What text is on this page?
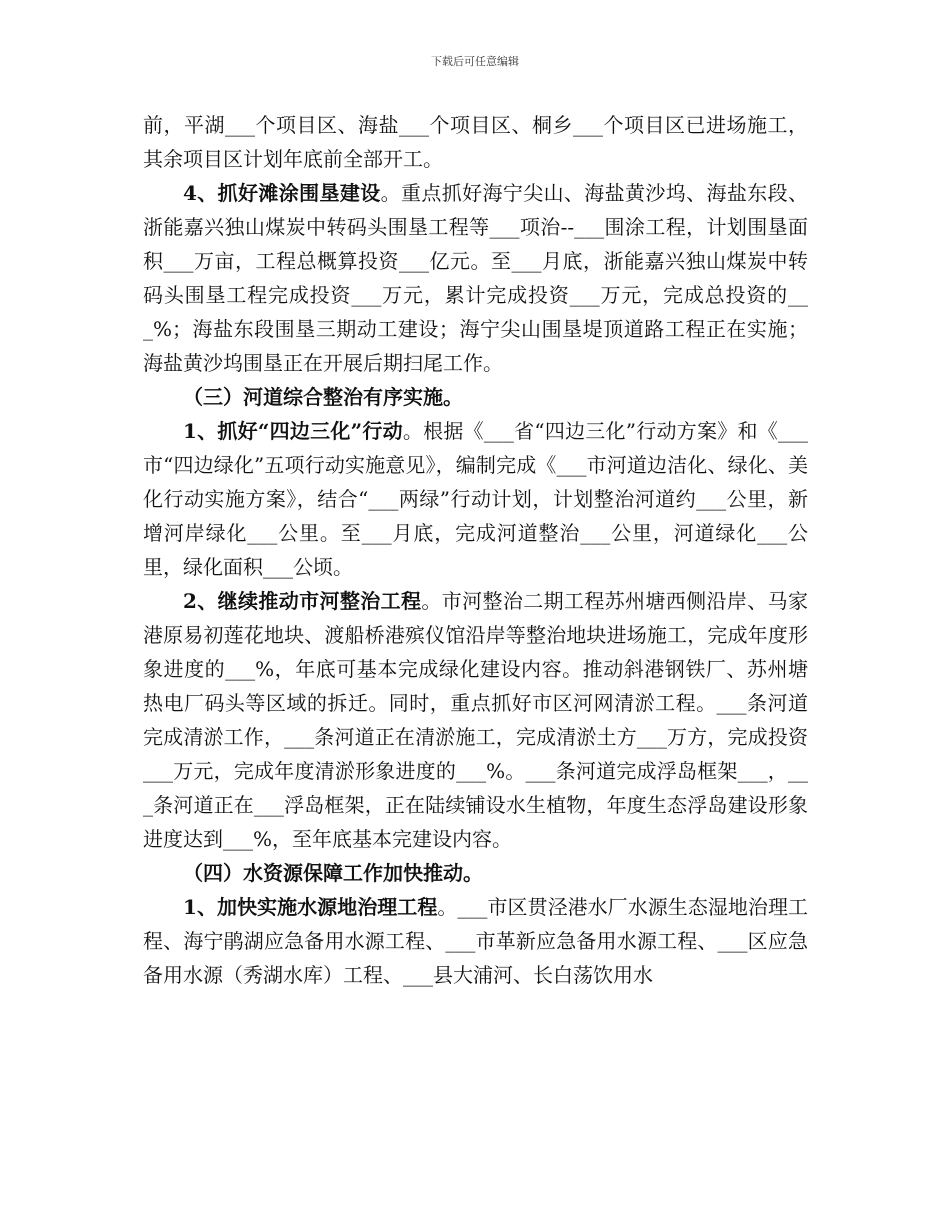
下载后可任意编辑

前，平湖___个项目区、海盐___个项目区、桐乡___个项目区已进场施工，其余项目区计划年底前全部开工。

4、抓好滩涂围垦建设。重点抓好海宁尖山、海盐黄沙坞、海盐东段、浙能嘉兴独山煤炭中转码头围垦工程等___项治--___围涂工程，计划围垦面积___万亩，工程总概算投资___亿元。至___月底，浙能嘉兴独山煤炭中转码头围垦工程完成投资___万元，累计完成投资___万元，完成总投资的___%；海盐东段围垦三期动工建设；海宁尖山围垦堤顶道路工程正在实施；海盐黄沙坞围垦正在开展后期扫尾工作。

（三）河道综合整治有序实施。

1、抓好“四边三化”行动。根据《___省“四边三化”行动方案》和《___市“四边绿化”五项行动实施意见》，编制完成《___市河道边洁化、绿化、美化行动实施方案》，结合“___两绿”行动计划，计划整治河道约___公里，新增河岸绿化___公里。至___月底，完成河道整治___公里，河道绿化___公里，绿化面积___公顷。

2、继续推动市河整治工程。市河整治二期工程苏州塘西侧沿岸、马家港原易初莲花地块、渡船桥港殡仪馆沿岸等整治地块进场施工，完成年度形象进度的___%，年底可基本完成绿化建设内容。推动斜港钢铁厂、苏州塘热电厂码头等区域的拆迁。同时，重点抓好市区河网清淤工程。___条河道完成清淤工作，___条河道正在清淤施工，完成清淤土方___万方，完成投资___万元，完成年度清淤形象进度的___%。___条河道完成浮岛框架___，___条河道正在___浮岛框架，正在陆续铺设水生植物，年度生态浮岛建设形象进度达到___%，至年底基本完建设内容。

（四）水资源保障工作加快推动。

1、加快实施水源地治理工程。___市区贯泾港水厂水源生态湿地治理工程、海宁鹃湖应急备用水源工程、___市革新应急备用水源工程、___区应急备用水源（秀湖水库）工程、___县大浦河、长白荡饮用水
